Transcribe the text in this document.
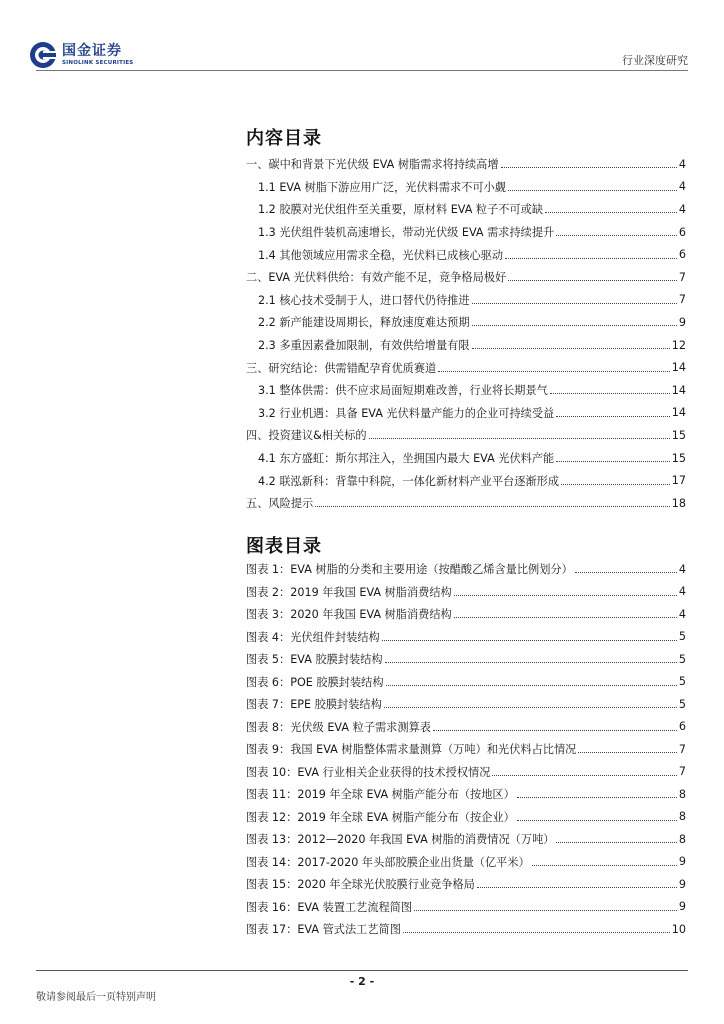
国金证券
SINOLINK SECURITIES	行业深度研究
内容目录
一、碳中和背景下光伏级 EVA 树脂需求将持续高增	4
1.1 EVA 树脂下游应用广泛，光伏料需求不可小觑	4
1.2 胶膜对光伏组件至关重要，原材料 EVA 粒子不可或缺	4
1.3 光伏组件装机高速增长，带动光伏级 EVA 需求持续提升	6
1.4 其他领域应用需求全稳，光伏料已成核心驱动	6
二、EVA 光伏料供给：有效产能不足，竞争格局极好	7
2.1 核心技术受制于人，进口替代仍待推进	7
2.2 新产能建设周期长，释放速度难达预期	9
2.3 多重因素叠加限制，有效供给增量有限	12
三、研究结论：供需错配孕育优质赛道	14
3.1 整体供需：供不应求局面短期难改善，行业将长期景气	14
3.2 行业机遇：具备 EVA 光伏料量产能力的企业可持续受益	14
四、投资建议&相关标的	15
4.1 东方盛虹：斯尔邦注入，坐拥国内最大 EVA 光伏料产能	15
4.2 联泓新科：背靠中科院，一体化新材料产业平台逐渐形成	17
五、风险提示	18
图表目录
图表 1：EVA 树脂的分类和主要用途（按醋酸乙烯含量比例划分）	4
图表 2：2019 年我国 EVA 树脂消费结构	4
图表 3：2020 年我国 EVA 树脂消费结构	4
图表 4：光伏组件封装结构	5
图表 5：EVA 胶膜封装结构	5
图表 6：POE 胶膜封装结构	5
图表 7：EPE 胶膜封装结构	5
图表 8：光伏级 EVA 粒子需求测算表	6
图表 9：我国 EVA 树脂整体需求量测算（万吨）和光伏料占比情况	7
图表 10：EVA 行业相关企业获得的技术授权情况	7
图表 11：2019 年全球 EVA 树脂产能分布（按地区）	8
图表 12：2019 年全球 EVA 树脂产能分布（按企业）	8
图表 13：2012—2020 年我国 EVA 树脂的消费情况（万吨）	8
图表 14：2017-2020 年头部胶膜企业出货量（亿平米）	9
图表 15：2020 年全球光伏胶膜行业竞争格局	9
图表 16：EVA 装置工艺流程简图	9
图表 17：EVA 管式法工艺简图	10
- 2 -
敬请参阅最后一页特别声明
